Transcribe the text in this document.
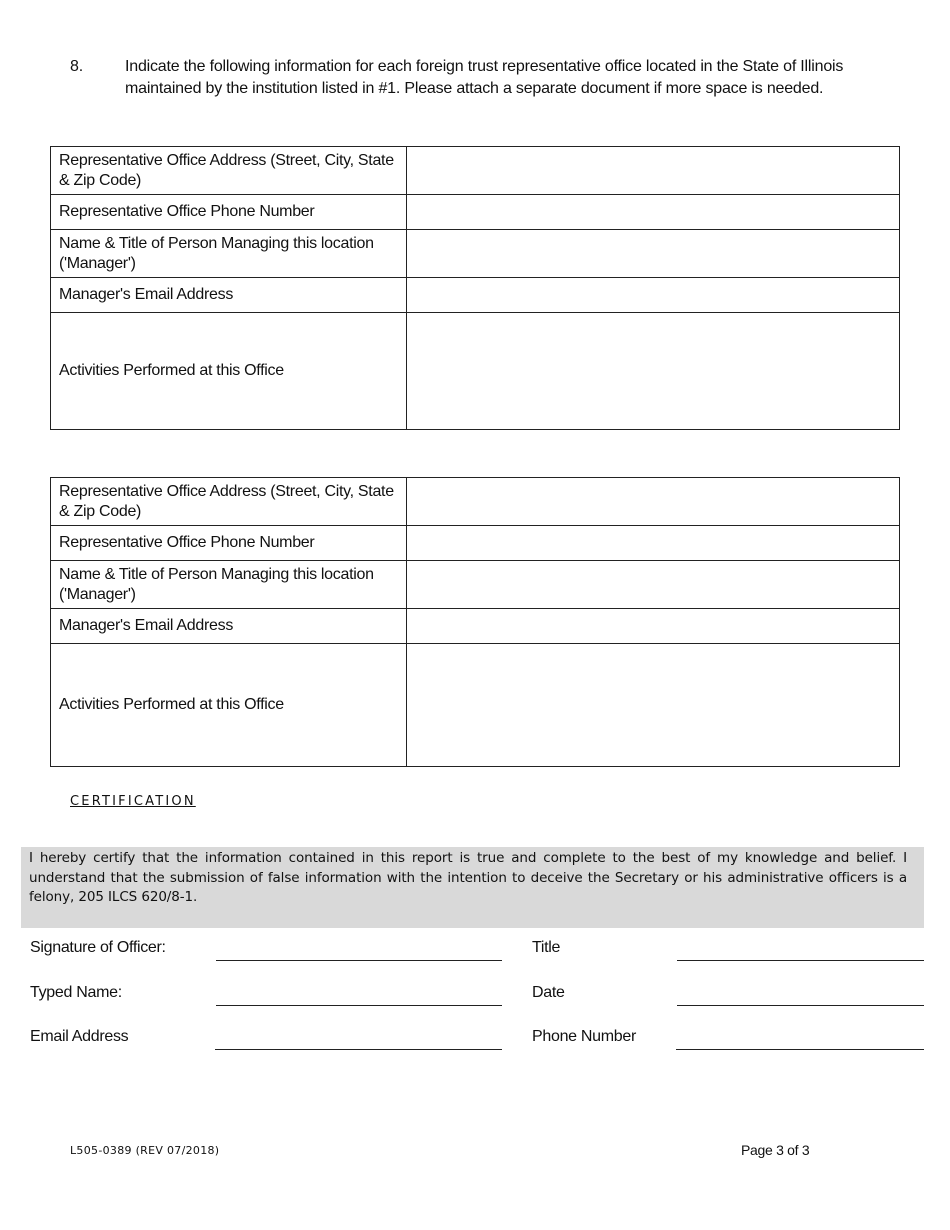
8.	Indicate the following information for each foreign trust representative office located in the State of Illinois maintained by the institution listed in #1. Please attach a separate document if more space is needed.
Representative Office Address (Street, City, State & Zip Code)	
Representative Office Phone Number	
Name & Title of Person Managing this location ('Manager')	
Manager's Email Address	
Activities Performed at this Office	
Representative Office Address (Street, City, State & Zip Code)	
Representative Office Phone Number	
Name & Title of Person Managing this location ('Manager')	
Manager's Email Address	
Activities Performed at this Office	
CERTIFICATION
I hereby certify that the information contained in this report is true and complete to the best of my knowledge and belief. I understand that the submission of false information with the intention to deceive the Secretary or his administrative officers is a felony, 205 ILCS 620/8-1.
Signature of Officer:	Title
Typed Name:	Date
Email Address	Phone Number
L505-0389 (REV 07/2018)	Page 3 of 3
